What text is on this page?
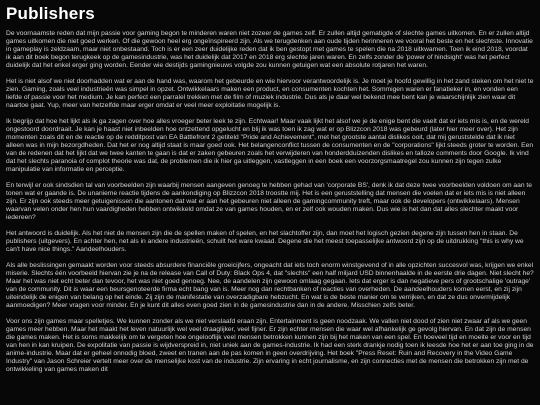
Publishers

De voornaamste reden dat mijn passie voor gaming begon te minderen waren niet zozeer de games zelf. Er zullen altijd gematigde of slechte games uitkomen. En er zullen altijd games uitkomen die niet goed werken. Of die gewoon heel erg ongeïnspireerd zijn. Als we terugdenken aan oude tijden herinneren we vooral het beste en het slechtste. Innovatie in gameplay is zeldzaam, maar niet onbestaand. Toch is er een zeer duidelijke reden dat ik ben gestopt met games te spelen die na 2018 uitkwamen. Toen ik eind 2018, voordat ik aan dit boek begon terugkeek op de gamesindustrie, was het duidelijk dat 2017 en 2018 erg slechte jaren waren. En zelfs zonder de 'power of hindsight' was het perfect duidelijk dat het enkel erger ging worden. Eender wie destijds gamingnieuws volgde zou kunnen getuigen wat een absolute rotjaren het waren.

Het is niet alsof we niet doorhadden wat er aan de hand was, waarom het gebeurde en wie hiervoor verantwoordelijk is. Je moet je hoofd gewillig in het zand steken om het niet te zien. Gaming, zoals veel industrieën was simpel in opzet. Ontwikkelaars maken een product, en consumenten kochten het. Sommigen waren er fanatieker in, en vonden een liefde of passie voor het medium. Je kan perfect een parralel trekken met de film of muziek industrie. Dus als je daar wel bekend mee bent kan je waarschijnlijk zien waar dit naartoe gaat. Yup, meer van hetzelfde maar erger omdat er veel meer exploitatie mogelijk is.

Ik begrijp dat hoe het lijkt als ik ga zagen over hoe alles vroeger beter leek te zijn. Echtwaar! Maar vaak lijkt het alsof we je de enige bent die vaelt dat er iets mis is, en de wereld ongestoord doordraait. Je kan je haast niet inbeelden hoe ontzettend opgelucht en blij ik was toen ik zag wat er op Blizzcon 2018 was gebeurd (later hier meer over). Het zijn momenten zoals dit en de reactie op de redditpost van EA Battlefront 2 getiteld "Pride and Achievement", met het grootste aantal dislikes ooit, dat mij geruststelde dat ik niet alleen was in mijn bezorgdheden. Dat het er nog altijd staat is maar goed ook. Het belangenconflict tussen de consumenten en de "corporations" lijkt steeds groter te worden. Een van de redenen dat het lijkt dat we twee kanten te gaan is dat er zaken gebeuren zoals het verwijderen van honderdduizenden dislikes en talloze comments door Google. Ik vind dat het slechts paranoia of complot theorie was dat, de problemen die ik hier ga uitleggen, vastleggen in een boek een voorzorgsmaatregel zou kunnen zijn tegen zulke manipulatie van informatie en perceptie.

En terwijl er ook sindsdien tal van voorbeelden zijn waarbij mensen aangeven genoeg te hebben gehad van 'corporate BS', denk ik dat deze twee voorbeelden voldoen om aan te tonen wat er gaande is. De unanieme reactie tijdens de aankondiging op Blizzcon 2018 troostte mij. Het is een geruststelling dat mensen die voelen dat er iets mis is niet alleen zijn. Er zijn ook steeds meer getuigenissen die aantonen dat wat er aan het gebeuren niet alleen de gamingcommunity treft, maar ook de developers (ontwikkelaars). Mensen waarvan velen onder hen hun vaardigheden hebben ontwikkeld omdat ze van games houden, en er zelf ook wouden maken. Dus wie is het dan dat alles slechter maakt voor iedereen?

Het antwoord is duidelijk. Als het niet de mensen zijn die de spellen maken of spelen, en het slachtoffer zijn, dan moet het logisch gezien degene zijn tussen hen in staan. De publishers (uitgevers). En achter hen, net als in andere industrieën, schuilt het ware kwaad. Degene die het meest toepasselijke antwoord zijn op de uitdrukking "this is why we can't have nice things." Aandeelhouders.

Als alle beslissingen gemaakt worden voor steeds absurdere financiële groeicijfers, ongeacht dat iets toch enorm winstgevend of in alle opzichten succesvol was, krijgen we enkel miserie. Slechts één voorbeeld hiervan zie je na de release van Call of Duty: Black Ops 4, dat "slechts" een half miljard USD binnenhaalde in de eerste drie dagen. Niet slecht he? Maar het was niet echt beter dan tevoor, het was niet goed genoeg. Nee, de aandelen zijn gewoon omlaag gegaan. Iets dat erger is dan negatieve pers of grootschalige 'outrage' van de community. Dit is waar een beursgenoteerde firma echt bang van is. Meer nog dan rechtbanken of reacties van overheden. De aandeelhouders komen eerst, en zij zijn uiteindelijk de enigen van belang op het einde. Zij zijn de manifestatie van overzadigbare hebzucht. En wat is de beste manier om te verrijken, en dat ze dus onvermijdelijk aanmoedigen? Meer vragen voor minder. En je kunt dit alles even goed zien in de gamesindustrie dan in de andere. Misschien zelfs beter.

Voor ons zijn games maar spelletjes. We kunnen zonder als we niet verslaafd eraan zijn. Entertainment is geen noodzaak. We vallen niet dood of zien niet zwaar af als we geen games meer hebben. Maar het maakt het leven natuurlijk wel veel draaglijker, veel fijner. Er zijn echter mensen die waar wel afhankelijk ge gevolg hiervan. En dat zijn de mensen die games maken. Het is soms makkelijk om te vergeten hoe ongelooflijk veel mensen betrokken kunnen zijn bij het maken van een spel. En hoeveel tijd en moeite er voor en tijd van hen in kan kruipen. De expolitatie van passie is wijdverspreid in, niet uniek aan de games-industrie. Ik had een sterk drankje nodig toen ik leesde hoe het er aan toe ging in de anime-industrie. Maar dat er geheel onnodig bloed, zweet en tranen aan de pas komen in geen overdrijving. Het boek "Press Reset: Ruin and Recovery in the Video Game Industry" van Jason Schreier vertelt meer over de menselijke kost van de industrie. Zijn ervaring in echt journalisme, en zijn connecties met de mensen die betrokken zijn met de ontwikkeling van games maken dit
